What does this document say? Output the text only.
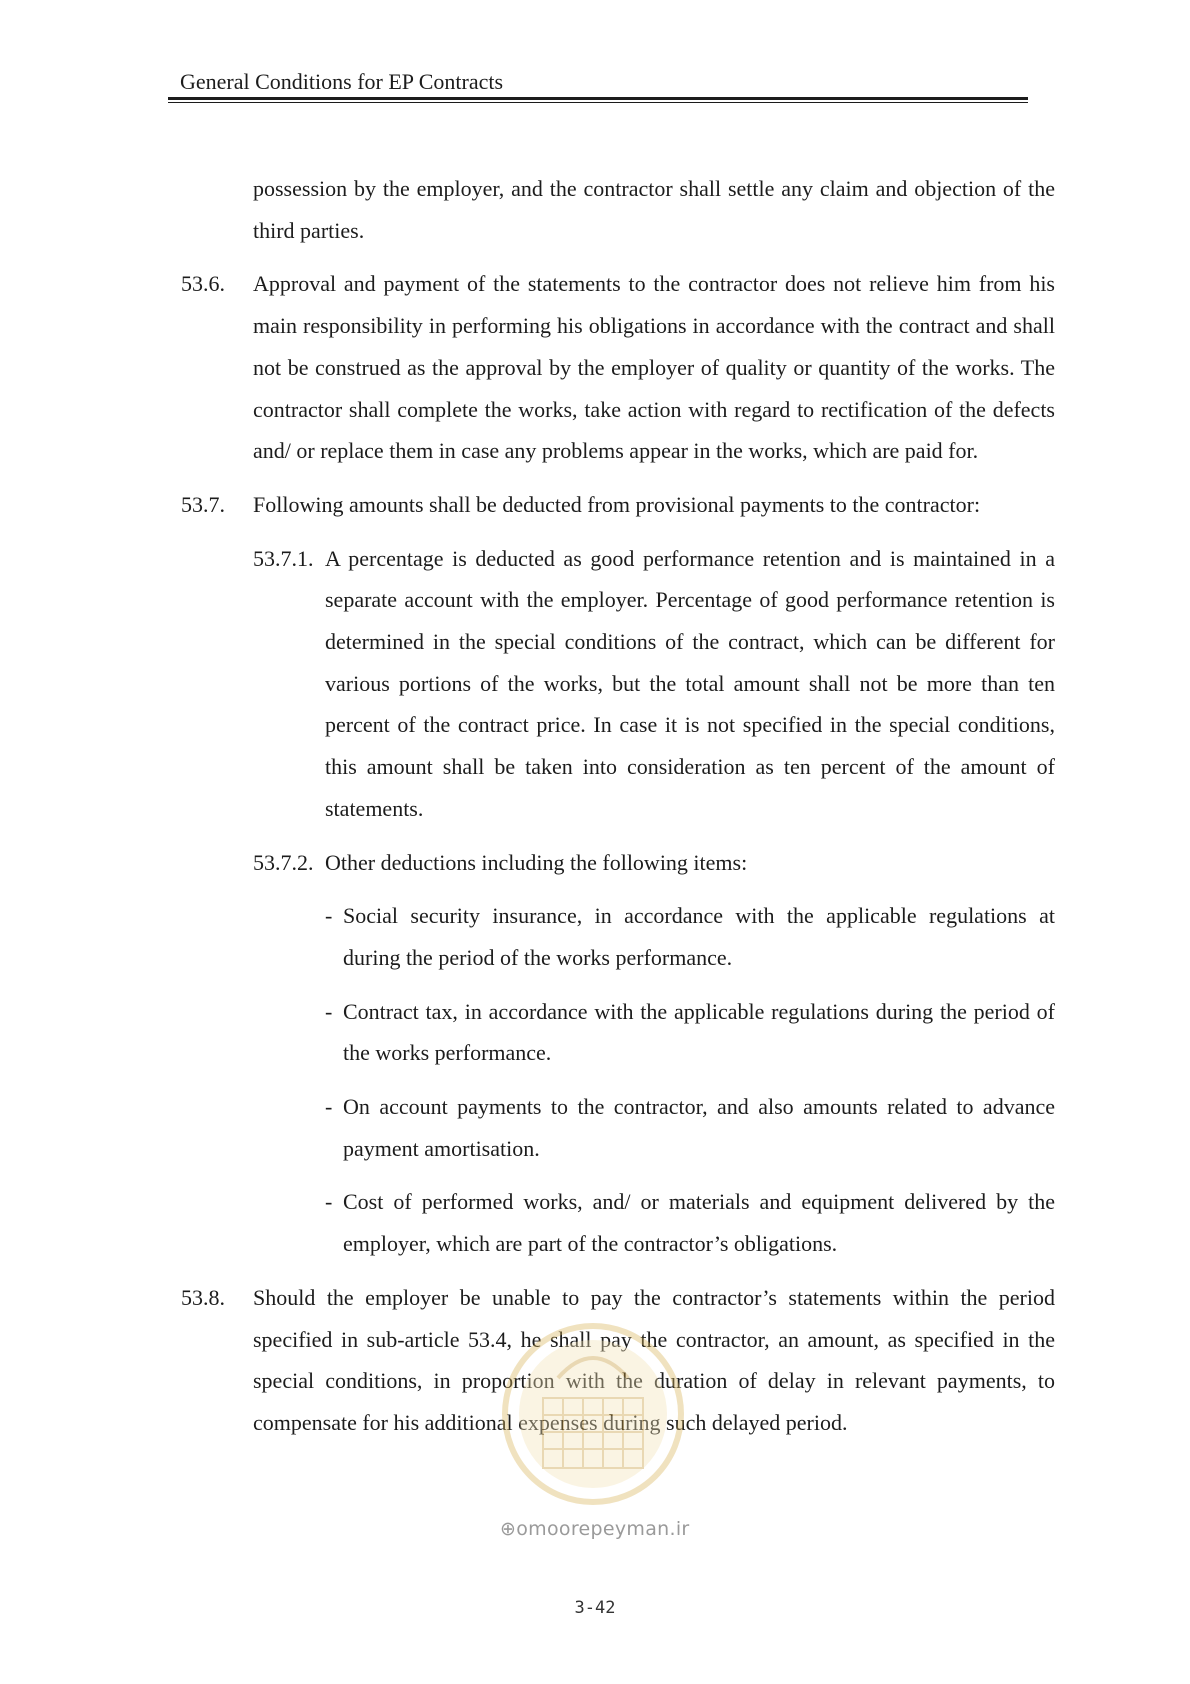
General Conditions for EP Contracts

possession by the employer, and the contractor shall settle any claim and objection of the third parties.

53.6.	Approval and payment of the statements to the contractor does not relieve him from his main responsibility in performing his obligations in accordance with the contract and shall not be construed as the approval by the employer of quality or quantity of the works. The contractor shall complete the works, take action with regard to rectification of the defects and/ or replace them in case any problems appear in the works, which are paid for.

53.7.	Following amounts shall be deducted from provisional payments to the contractor:

53.7.1. A percentage is deducted as good performance retention and is maintained in a separate account with the employer. Percentage of good performance retention is determined in the special conditions of the contract, which can be different for various portions of the works, but the total amount shall not be more than ten percent of the contract price. In case it is not specified in the special conditions, this amount shall be taken into consideration as ten percent of the amount of statements.

53.7.2. Other deductions including the following items:

- Social security insurance, in accordance with the applicable regulations at during the period of the works performance.

- Contract tax, in accordance with the applicable regulations during the period of the works performance.

- On account payments to the contractor, and also amounts related to advance payment amortisation.

- Cost of performed works, and/ or materials and equipment delivered by the employer, which are part of the contractor’s obligations.

53.8.	Should the employer be unable to pay the contractor’s statements within the period specified in sub-article 53.4, he shall pay the contractor, an amount, as specified in the special conditions, in proportion with the duration of delay in relevant payments, to compensate for his additional expenses during such delayed period.

⊕omoorepeyman.ir
3-42
